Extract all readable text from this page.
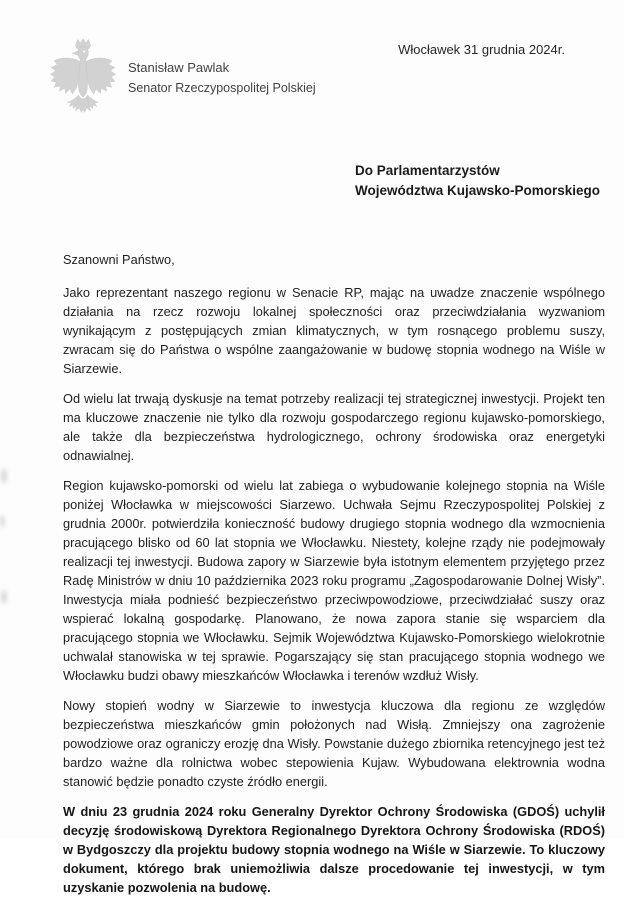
Stanisław Pawlak
Senator Rzeczypospolitej Polskiej
Włocławek 31 grudnia 2024r.
Do Parlamentarzystów
Województwa Kujawsko-Pomorskiego

Szanowni Państwo,

Jako reprezentant naszego regionu w Senacie RP, mając na uwadze znaczenie wspólnego działania na rzecz rozwoju lokalnej społeczności oraz przeciwdziałania wyzwaniom wynikającym z postępujących zmian klimatycznych, w tym rosnącego problemu suszy, zwracam się do Państwa o wspólne zaangażowanie w budowę stopnia wodnego na Wiśle w Siarzewie.

Od wielu lat trwają dyskusje na temat potrzeby realizacji tej strategicznej inwestycji. Projekt ten ma kluczowe znaczenie nie tylko dla rozwoju gospodarczego regionu kujawsko-pomorskiego, ale także dla bezpieczeństwa hydrologicznego, ochrony środowiska oraz energetyki odnawialnej.

Region kujawsko-pomorski od wielu lat zabiega o wybudowanie kolejnego stopnia na Wiśle poniżej Włocławka w miejscowości Siarzewo. Uchwała Sejmu Rzeczypospolitej Polskiej z grudnia 2000r. potwierdziła konieczność budowy drugiego stopnia wodnego dla wzmocnienia pracującego blisko od 60 lat stopnia we Włocławku. Niestety, kolejne rządy nie podejmowały realizacji tej inwestycji. Budowa zapory w Siarzewie była istotnym elementem przyjętego przez Radę Ministrów w dniu 10 października 2023 roku programu „Zagospodarowanie Dolnej Wisły”. Inwestycja miała podnieść bezpieczeństwo przeciwpowodziowe, przeciwdziałać suszy oraz wspierać lokalną gospodarkę. Planowano, że nowa zapora stanie się wsparciem dla pracującego stopnia we Włocławku. Sejmik Województwa Kujawsko-Pomorskiego wielokrotnie uchwalał stanowiska w tej sprawie. Pogarszający się stan pracującego stopnia wodnego we Włocławku budzi obawy mieszkańców Włocławka i terenów wzdłuż Wisły.

Nowy stopień wodny w Siarzewie to inwestycja kluczowa dla regionu ze względów bezpieczeństwa mieszkańców gmin położonych nad Wisłą. Zmniejszy ona zagrożenie powodziowe oraz ograniczy erozję dna Wisły. Powstanie dużego zbiornika retencyjnego jest też bardzo ważne dla rolnictwa wobec stepowienia Kujaw. Wybudowana elektrownia wodna stanowić będzie ponadto czyste źródło energii.

W dniu 23 grudnia 2024 roku Generalny Dyrektor Ochrony Środowiska (GDOŚ) uchylił decyzję środowiskową Dyrektora Regionalnego Dyrektora Ochrony Środowiska (RDOŚ) w Bydgoszczy dla projektu budowy stopnia wodnego na Wiśle w Siarzewie. To kluczowy dokument, którego brak uniemożliwia dalsze procedowanie tej inwestycji, w tym uzyskanie pozwolenia na budowę.
